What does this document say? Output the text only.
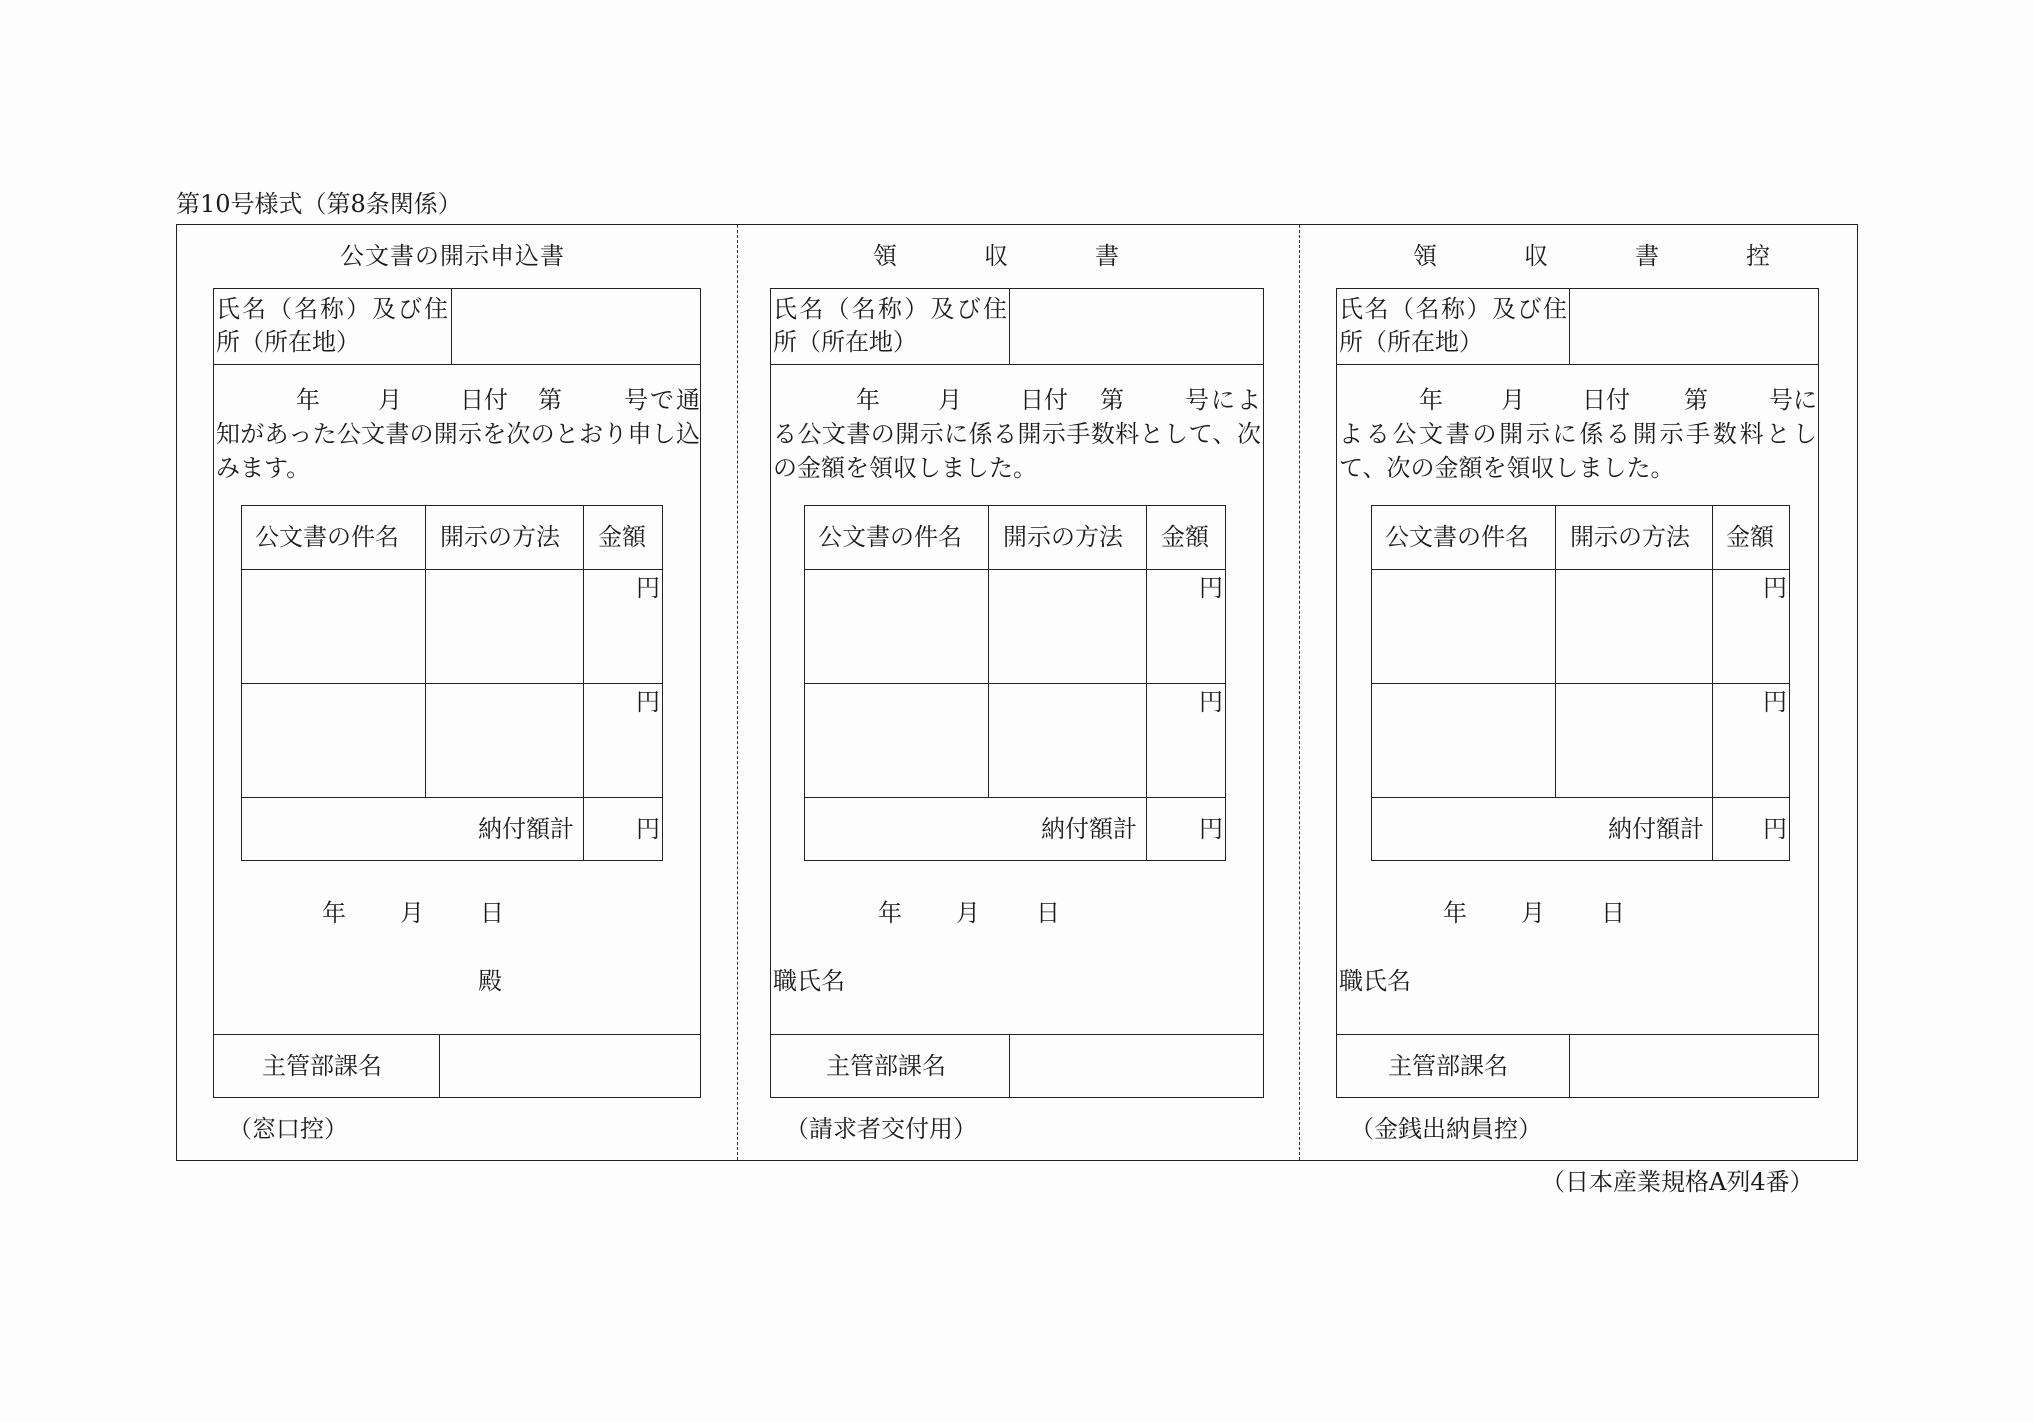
第10号様式（第8条関係）
公文書の開示申込書
氏名（名称）及び住所（所在地）
年 月 日付 第	号で通知があった公文書の開示を次のとおり申し込みます。
公文書の件名 開示の方法 金額
円
円
納付額計	円
年 月 日
殿
主管部課名
（窓口控）
領　　収　　書
氏名（名称）及び住所（所在地）
年 月 日付 第	号による公文書の開示に係る開示手数料として、次の金額を領収しました。
公文書の件名 開示の方法 金額
円
円
納付額計	円
年 月 日
職氏名
主管部課名
（請求者交付用）
領　　収　　書　　控
氏名（名称）及び住所（所在地）
年 月 日付 第	号による公文書の開示に係る開示手数料として、次の金額を領収しました。
公文書の件名 開示の方法 金額
円
円
納付額計 円
年 月 日
職氏名
主管部課名
（金銭出納員控）
（日本産業規格A列4番）
